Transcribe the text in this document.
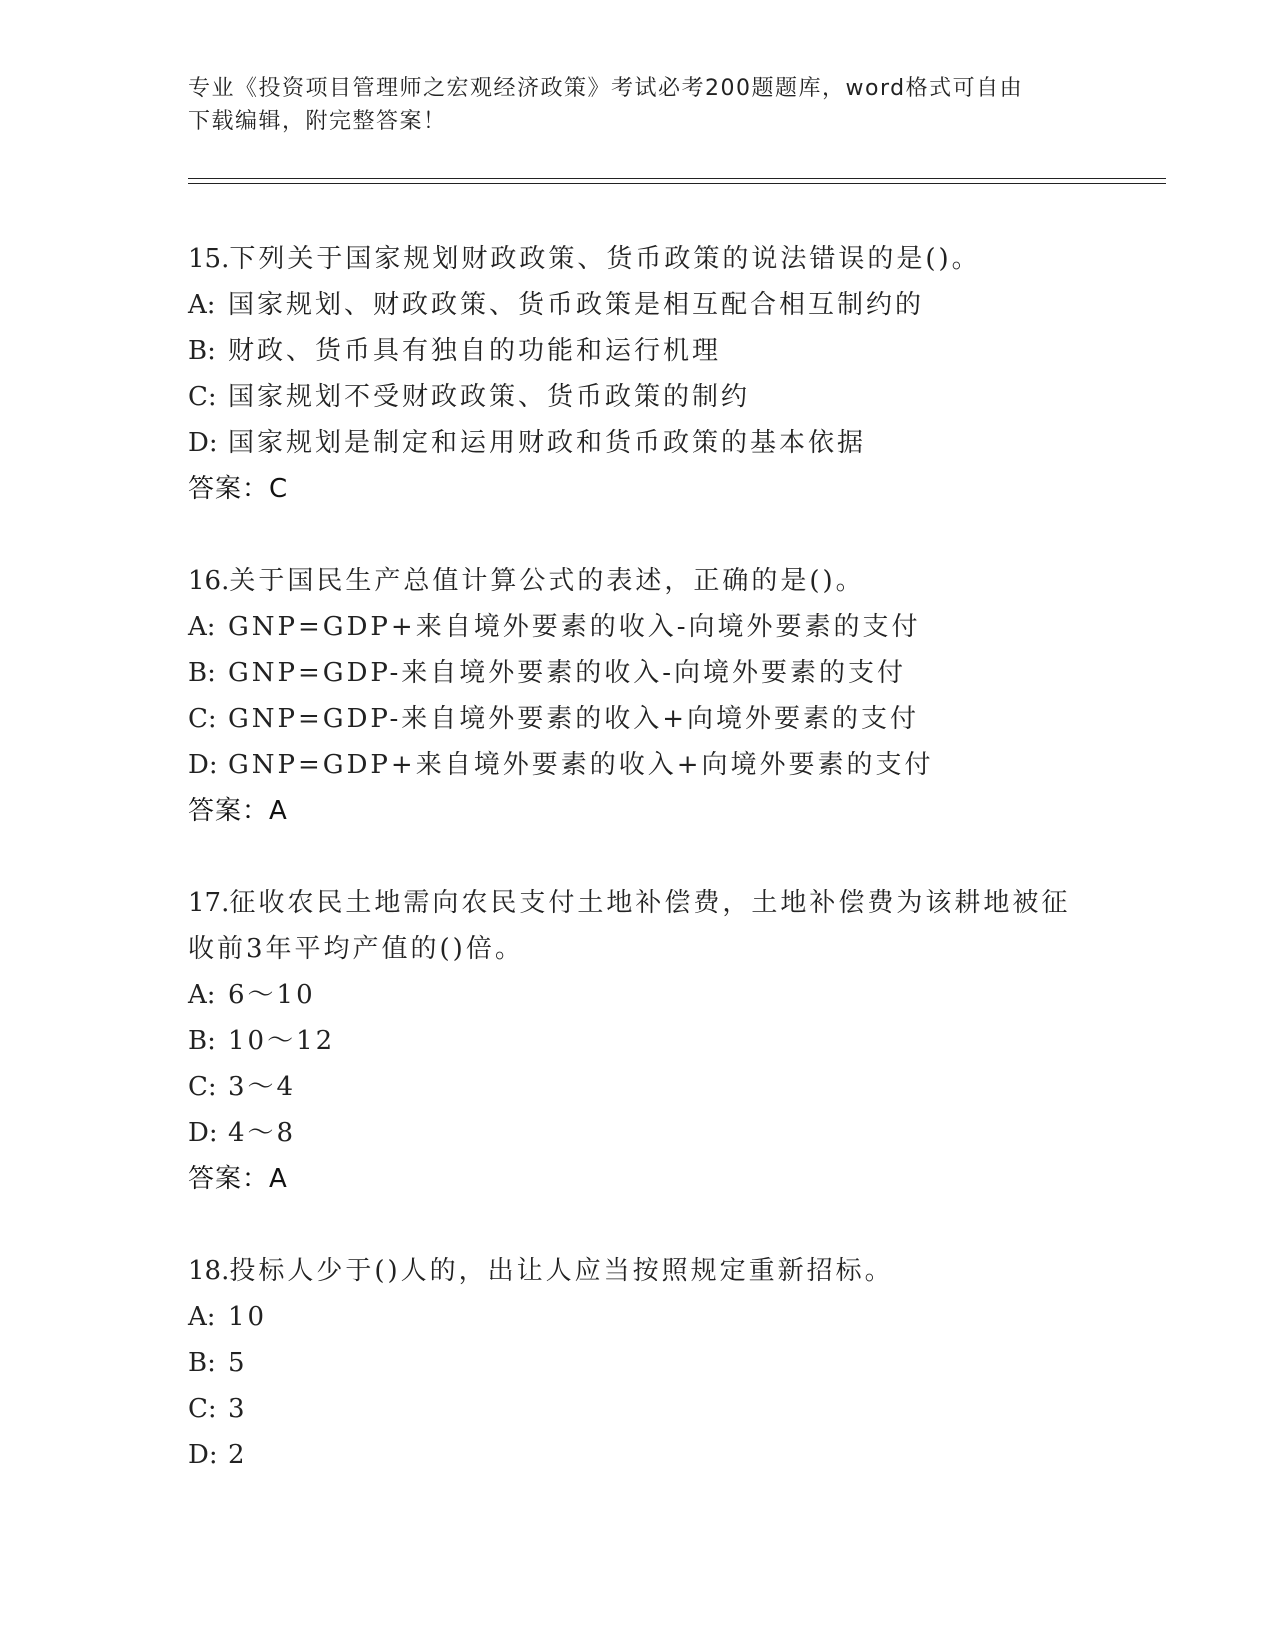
专业《投资项目管理师之宏观经济政策》考试必考200题题库，word格式可自由
下载编辑，附完整答案！
15.下列关于国家规划财政政策、货币政策的说法错误的是()。
A: 国家规划、财政政策、货币政策是相互配合相互制约的
B: 财政、货币具有独自的功能和运行机理
C: 国家规划不受财政政策、货币政策的制约
D: 国家规划是制定和运用财政和货币政策的基本依据
答案：C
16.关于国民生产总值计算公式的表述，正确的是()。
A: GNP=GDP+来自境外要素的收入-向境外要素的支付
B: GNP=GDP-来自境外要素的收入-向境外要素的支付
C: GNP=GDP-来自境外要素的收入+向境外要素的支付
D: GNP=GDP+来自境外要素的收入+向境外要素的支付
答案：A
17.征收农民土地需向农民支付土地补偿费，土地补偿费为该耕地被征
收前3年平均产值的()倍。
A: 6～10
B: 10～12
C: 3～4
D: 4～8
答案：A
18.投标人少于()人的，出让人应当按照规定重新招标。
A: 10
B: 5
C: 3
D: 2
